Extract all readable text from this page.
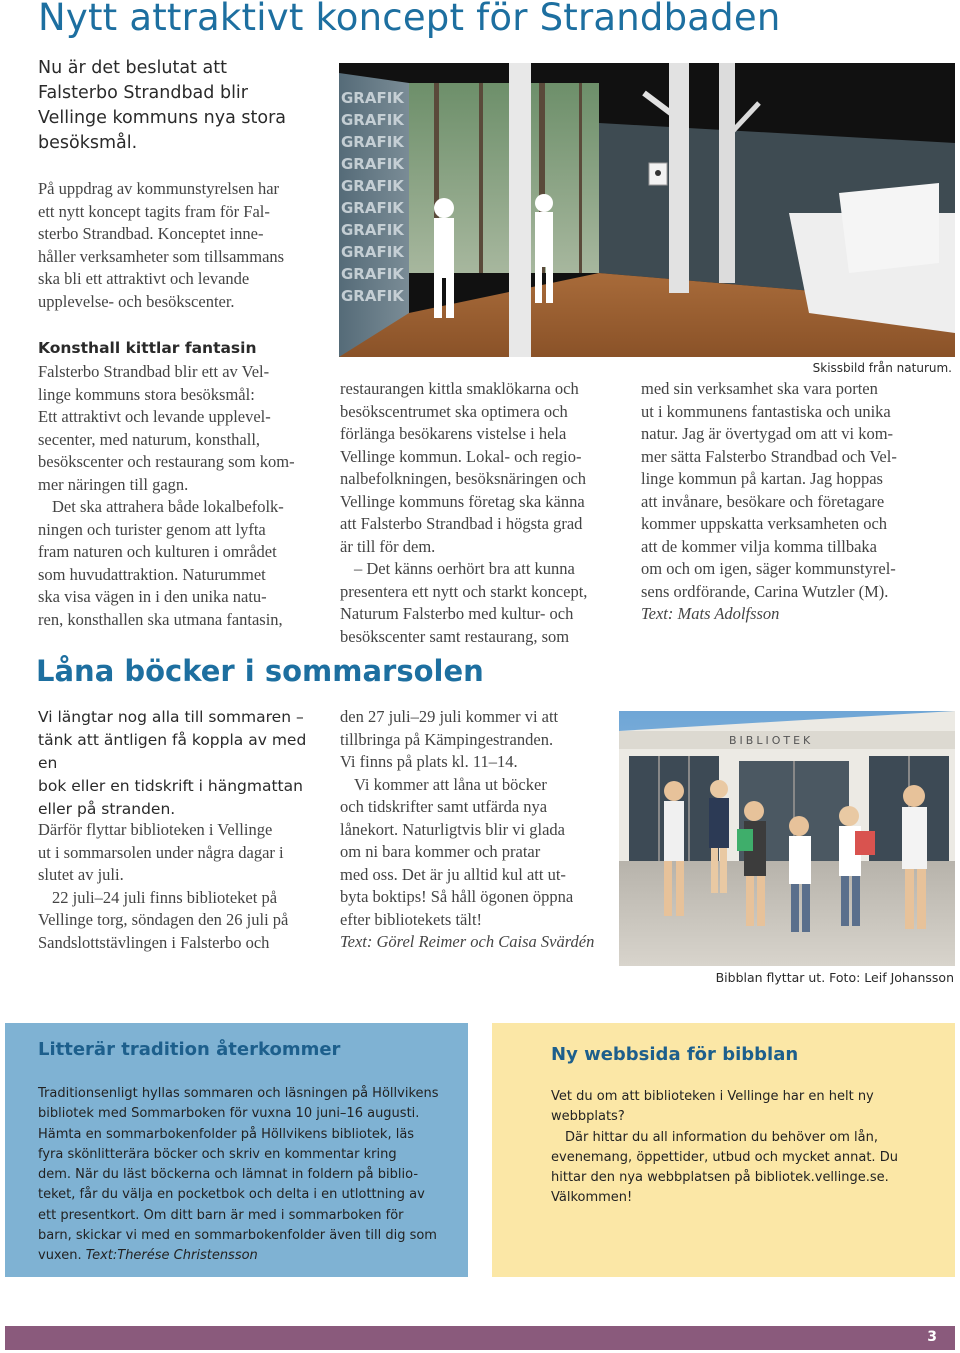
Nytt attraktivt koncept för Strandbaden
Nu är det beslutat att
Falsterbo Strandbad blir
Vellinge kommuns nya stora
besöksmål.
På uppdrag av kommunstyrelsen har
ett nytt koncept tagits fram för Fal-
sterbo Strandbad. Konceptet inne-
håller verksamheter som tillsammans
ska bli ett attraktivt och levande
upplevelse- och besökscenter.
GRAFIK
GRAFIK
GRAFIK
GRAFIK
GRAFIK
GRAFIK
GRAFIK
GRAFIK
GRAFIK
GRAFIK
Skissbild från naturum.
Konsthall kittlar fantasin
Falsterbo Strandbad blir ett av Vel-
linge kommuns stora besöksmål:
Ett attraktivt och levande upplevel-
secenter, med naturum, konsthall,
besökscenter och restaurang som kom-
mer näringen till gagn.
Det ska attrahera både lokalbefolk-
ningen och turister genom att lyfta
fram naturen och kulturen i området
som huvudattraktion. Naturummet
ska visa vägen in i den unika natu-
ren, konsthallen ska utmana fantasin,
restaurangen kittla smaklökarna och
besökscentrumet ska optimera och
förlänga besökarens vistelse i hela
Vellinge kommun. Lokal- och regio-
nalbefolkningen, besöksnäringen och
Vellinge kommuns företag ska känna
att Falsterbo Strandbad i högsta grad
är till för dem.
– Det känns oerhört bra att kunna
presentera ett nytt och starkt koncept,
Naturum Falsterbo med kultur- och
besökscenter samt restaurang, som
med sin verksamhet ska vara porten
ut i kommunens fantastiska och unika
natur. Jag är övertygad om att vi kom-
mer sätta Falsterbo Strandbad och Vel-
linge kommun på kartan. Jag hoppas
att invånare, besökare och företagare
kommer uppskatta verksamheten och
att de kommer vilja komma tillbaka
om och om igen, säger kommunstyrel-
sens ordförande, Carina Wutzler (M).
Text: Mats Adolfsson
Låna böcker i sommarsolen
Vi längtar nog alla till sommaren –
tänk att äntligen få koppla av med en
bok eller en tidskrift i hängmattan
eller på stranden.
Därför flyttar biblioteken i Vellinge
ut i sommarsolen under några dagar i
slutet av juli.
22 juli–24 juli finns biblioteket på
Vellinge torg, söndagen den 26 juli på
Sandslottstävlingen i Falsterbo och
den 27 juli–29 juli kommer vi att
tillbringa på Kämpingestranden.
Vi finns på plats kl. 11–14.
Vi kommer att låna ut böcker
och tidskrifter samt utfärda nya
lånekort. Naturligtvis blir vi glada
om ni bara kommer och pratar
med oss. Det är ju alltid kul att ut-
byta boktips! Så håll ögonen öppna
efter bibliotekets tält!
Text: Görel Reimer och Caisa Svärdén
BIBLIOTEK
Bibblan flyttar ut. Foto: Leif Johansson
Litterär tradition återkommer
Traditionsenligt hyllas sommaren och läsningen på Höllvikens
bibliotek med Sommarboken för vuxna 10 juni–16 augusti.
Hämta en sommarbokenfolder på Höllvikens bibliotek, läs
fyra skönlitterära böcker och skriv en kommentar kring
dem. När du läst böckerna och lämnat in foldern på biblio-
teket, får du välja en pocketbok och delta i en utlottning av
ett presentkort. Om ditt barn är med i sommarboken för
barn, skickar vi med en sommarbokenfolder även till dig som
vuxen. Text:Therése Christensson
Ny webbsida för bibblan
Vet du om att biblioteken i Vellinge har en helt ny
webbplats?
Där hittar du all information du behöver om lån,
evenemang, öppettider, utbud och mycket annat. Du
hittar den nya webbplatsen på bibliotek.vellinge.se.
Välkommen!
3
